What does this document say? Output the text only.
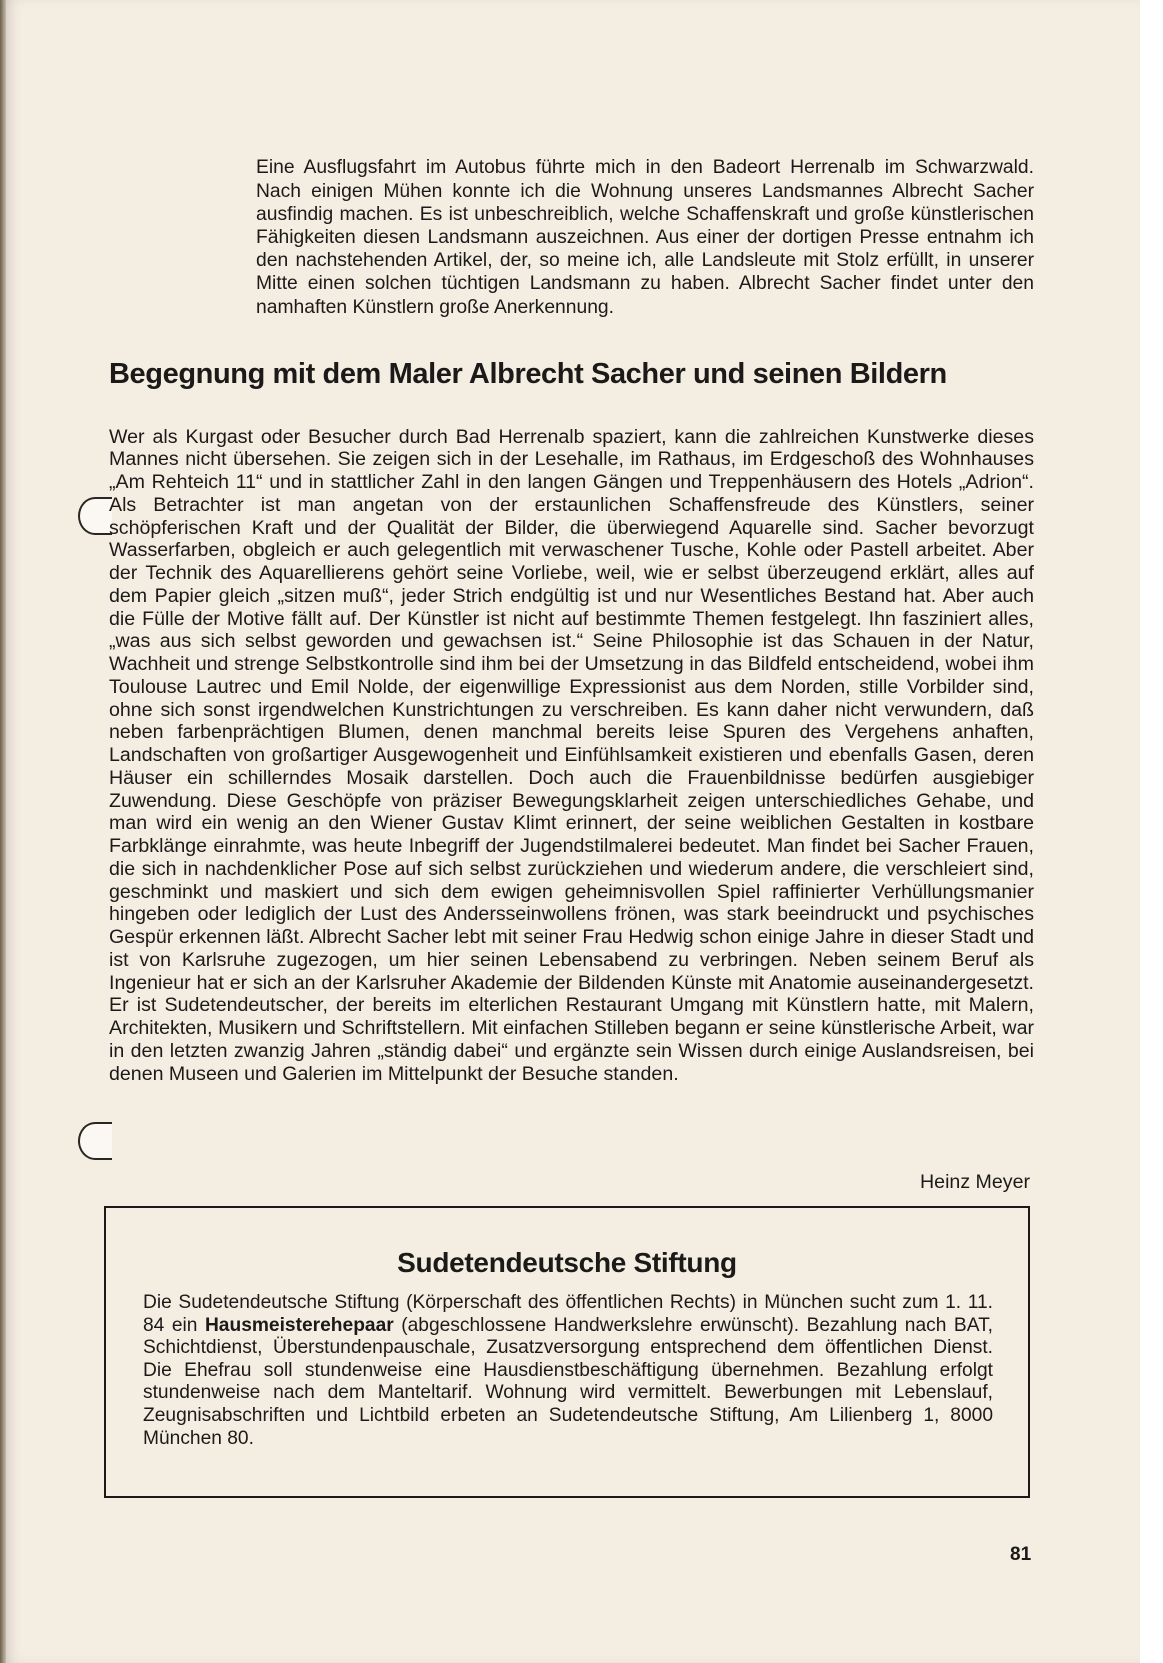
Eine Ausflugsfahrt im Autobus führte mich in den Badeort Herrenalb im Schwarzwald. Nach einigen Mühen konnte ich die Wohnung unseres Landsmannes Albrecht Sacher ausfindig machen. Es ist unbeschreiblich, welche Schaffenskraft und große künstlerischen Fähigkeiten diesen Landsmann auszeichnen. Aus einer der dortigen Presse entnahm ich den nachstehenden Artikel, der, so meine ich, alle Landsleute mit Stolz erfüllt, in unserer Mitte einen solchen tüchtigen Landsmann zu haben. Albrecht Sacher findet unter den namhaften Künstlern große Anerkennung.

Begegnung mit dem Maler Albrecht Sacher und seinen Bildern

Wer als Kurgast oder Besucher durch Bad Herrenalb spaziert, kann die zahlreichen Kunstwerke dieses Mannes nicht übersehen. Sie zeigen sich in der Lesehalle, im Rathaus, im Erdgeschoß des Wohnhauses „Am Rehteich 11“ und in stattlicher Zahl in den langen Gängen und Treppenhäusern des Hotels „Adrion“. Als Betrachter ist man angetan von der erstaunlichen Schaffensfreude des Künstlers, seiner schöpferischen Kraft und der Qualität der Bilder, die überwiegend Aquarelle sind. Sacher bevorzugt Wasserfarben, obgleich er auch gelegentlich mit verwaschener Tusche, Kohle oder Pastell arbeitet. Aber der Technik des Aquarellierens gehört seine Vorliebe, weil, wie er selbst überzeugend erklärt, alles auf dem Papier gleich „sitzen muß“, jeder Strich endgültig ist und nur Wesentliches Bestand hat. Aber auch die Fülle der Motive fällt auf. Der Künstler ist nicht auf bestimmte Themen festgelegt. Ihn fasziniert alles, „was aus sich selbst geworden und gewachsen ist.“ Seine Philosophie ist das Schauen in der Natur, Wachheit und strenge Selbstkontrolle sind ihm bei der Umsetzung in das Bildfeld entscheidend, wobei ihm Toulouse Lautrec und Emil Nolde, der eigenwillige Expressionist aus dem Norden, stille Vorbilder sind, ohne sich sonst irgendwelchen Kunstrichtungen zu verschreiben. Es kann daher nicht verwundern, daß neben farbenprächtigen Blumen, denen manchmal bereits leise Spuren des Vergehens anhaften, Landschaften von großartiger Ausgewogenheit und Einfühlsamkeit existieren und ebenfalls Gasen, deren Häuser ein schillerndes Mosaik darstellen. Doch auch die Frauenbildnisse bedürfen ausgiebiger Zuwendung. Diese Geschöpfe von präziser Bewegungsklarheit zeigen unterschiedliches Gehabe, und man wird ein wenig an den Wiener Gustav Klimt erinnert, der seine weiblichen Gestalten in kostbare Farbklänge einrahmte, was heute Inbegriff der Jugendstilmalerei bedeutet. Man findet bei Sacher Frauen, die sich in nachdenklicher Pose auf sich selbst zurückziehen und wiederum andere, die verschleiert sind, geschminkt und maskiert und sich dem ewigen geheimnisvollen Spiel raffinierter Verhüllungsmanier hingeben oder lediglich der Lust des Andersseinwollens frönen, was stark beeindruckt und psychisches Gespür erkennen läßt. Albrecht Sacher lebt mit seiner Frau Hedwig schon einige Jahre in dieser Stadt und ist von Karlsruhe zugezogen, um hier seinen Lebensabend zu verbringen. Neben seinem Beruf als Ingenieur hat er sich an der Karlsruher Akademie der Bildenden Künste mit Anatomie auseinandergesetzt. Er ist Sudetendeutscher, der bereits im elterlichen Restaurant Umgang mit Künstlern hatte, mit Malern, Architekten, Musikern und Schriftstellern. Mit einfachen Stilleben begann er seine künstlerische Arbeit, war in den letzten zwanzig Jahren „ständig dabei“ und ergänzte sein Wissen durch einige Auslandsreisen, bei denen Museen und Galerien im Mittelpunkt der Besuche standen.

Heinz Meyer
Sudetendeutsche Stiftung

Die Sudetendeutsche Stiftung (Körperschaft des öffentlichen Rechts) in München sucht zum 1. 11. 84 ein Hausmeisterehepaar (abgeschlossene Handwerkslehre erwünscht). Bezahlung nach BAT, Schichtdienst, Überstundenpauschale, Zusatzversorgung entsprechend dem öffentlichen Dienst. Die Ehefrau soll stundenweise eine Hausdienstbeschäftigung übernehmen. Bezahlung erfolgt stundenweise nach dem Manteltarif. Wohnung wird vermittelt. Bewerbungen mit Lebenslauf, Zeugnisabschriften und Lichtbild erbeten an Sudetendeutsche Stiftung, Am Lilienberg 1, 8000 München 80.

81
